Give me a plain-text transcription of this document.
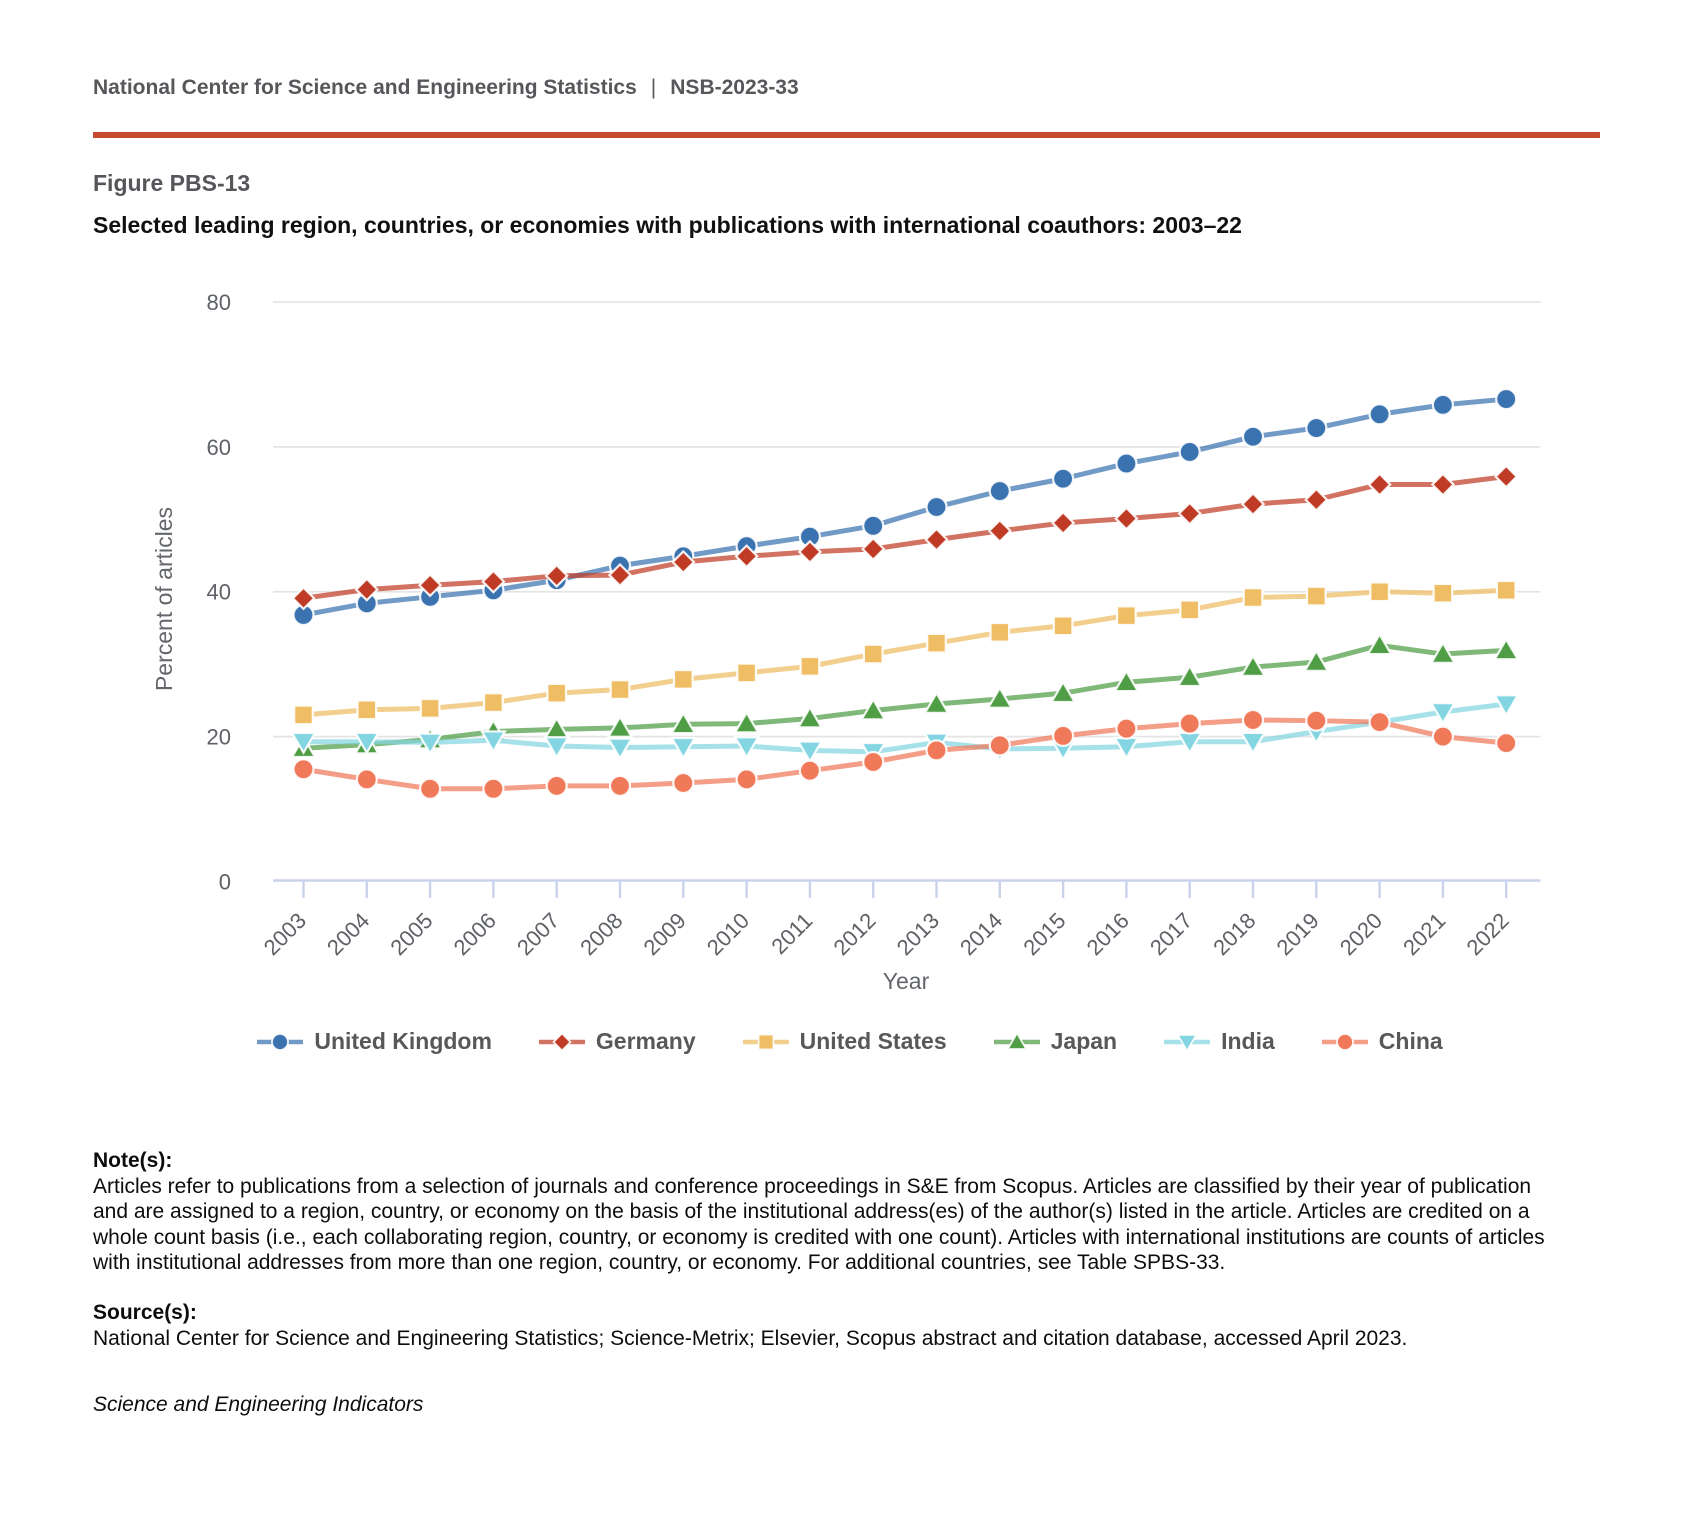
National Center for Science and Engineering Statistics | NSB-2023-33
Figure PBS-13
Selected leading region, countries, or economies with publications with international coauthors: 2003–22
0
20
40
60
80
2003 2004 2005 2006 2007 2008 2009 2010 2011 2012 2013 2014 2015 2016 2017 2018 2019 2020 2021 2022
Percent of articles
Year
United Kingdom	Germany	United States	Japan	India	China
Note(s):
Articles refer to publications from a selection of journals and conference proceedings in S&E from Scopus. Articles are classified by their year of publication and are assigned to a region, country, or economy on the basis of the institutional address(es) of the author(s) listed in the article. Articles are credited on a whole count basis (i.e., each collaborating region, country, or economy is credited with one count). Articles with international institutions are counts of articles with institutional addresses from more than one region, country, or economy. For additional countries, see Table SPBS-33.
Source(s):
National Center for Science and Engineering Statistics; Science-Metrix; Elsevier, Scopus abstract and citation database, accessed April 2023.
Science and Engineering Indicators
